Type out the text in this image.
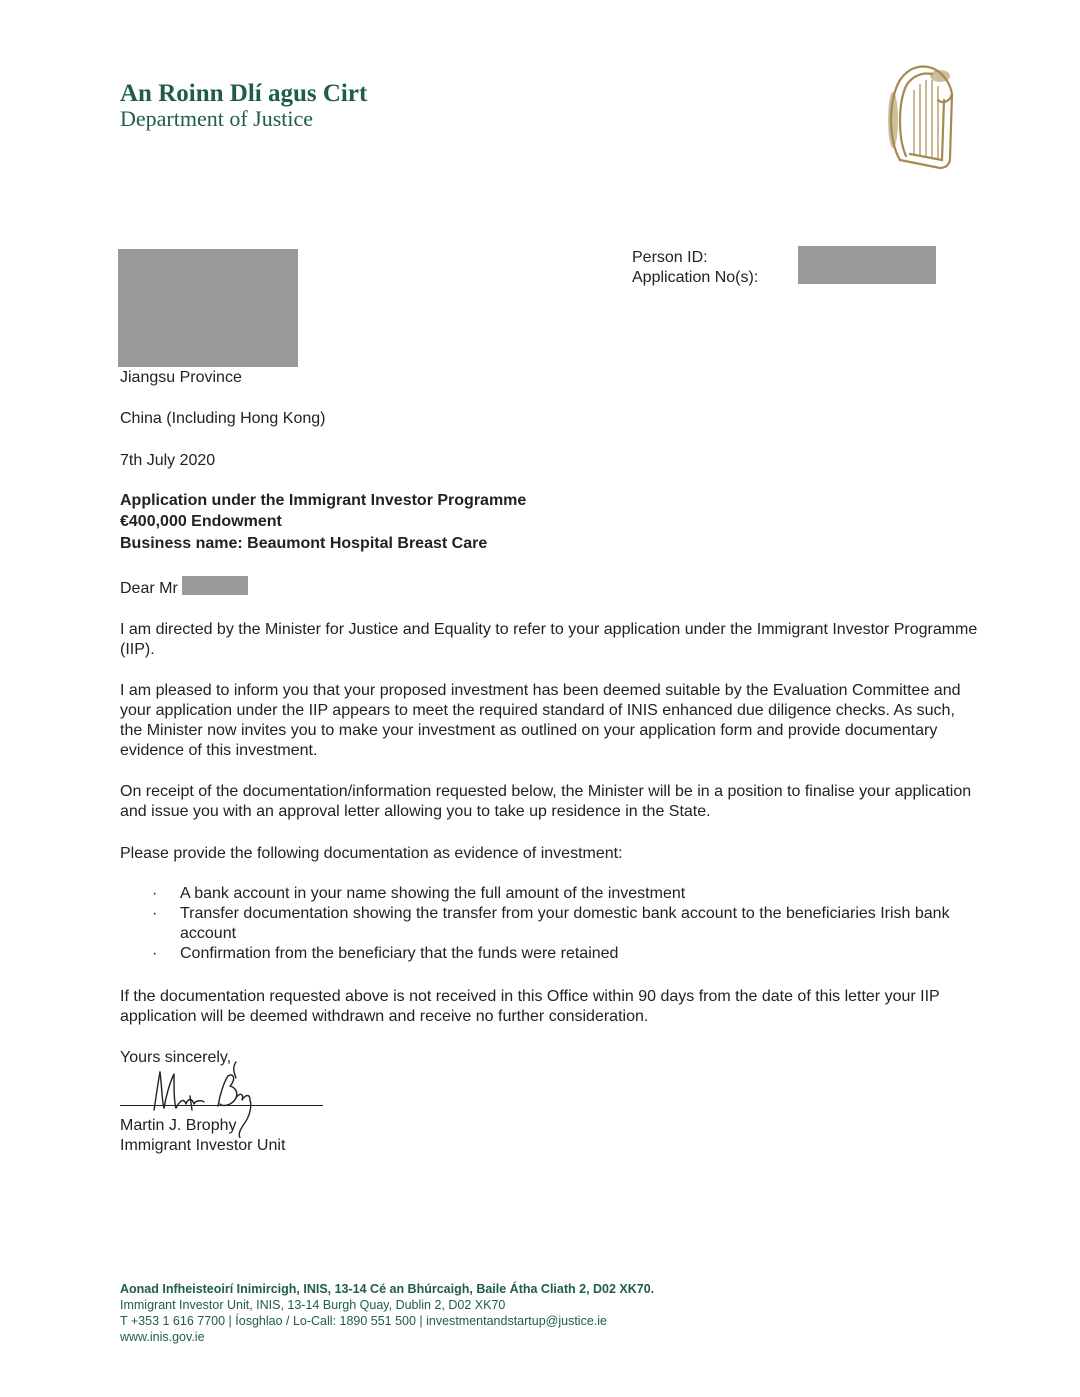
An Roinn Dlí agus Cirt
Department of Justice
Jiangsu Province
China (Including Hong Kong)
Person ID:
Application No(s):
7th July 2020
Application under the Immigrant Investor Programme
€400,000 Endowment
Business name: Beaumont Hospital Breast Care
Dear Mr
I am directed by the Minister for Justice and Equality to refer to your application under the Immigrant Investor Programme (IIP).
I am pleased to inform you that your proposed investment has been deemed suitable by the Evaluation Committee and your application under the IIP appears to meet the required standard of INIS enhanced due diligence checks. As such, the Minister now invites you to make your investment as outlined on your application form and provide documentary evidence of this investment.
On receipt of the documentation/information requested below, the Minister will be in a position to finalise your application and issue you with an approval letter allowing you to take up residence in the State.
Please provide the following documentation as evidence of investment:
· A bank account in your name showing the full amount of the investment
· Transfer documentation showing the transfer from your domestic bank account to the beneficiaries Irish bank account
· Confirmation from the beneficiary that the funds were retained
If the documentation requested above is not received in this Office within 90 days from the date of this letter your IIP application will be deemed withdrawn and receive no further consideration.
Yours sincerely,
Martin J. Brophy
Immigrant Investor Unit
Aonad Infheisteoirí Inimircigh, INIS, 13-14 Cé an Bhúrcaigh, Baile Átha Cliath 2, D02 XK70.
Immigrant Investor Unit, INIS, 13-14 Burgh Quay, Dublin 2, D02 XK70
T +353 1 616 7700 | Íosghlao / Lo-Call: 1890 551 500 | investmentandstartup@justice.ie
www.inis.gov.ie
